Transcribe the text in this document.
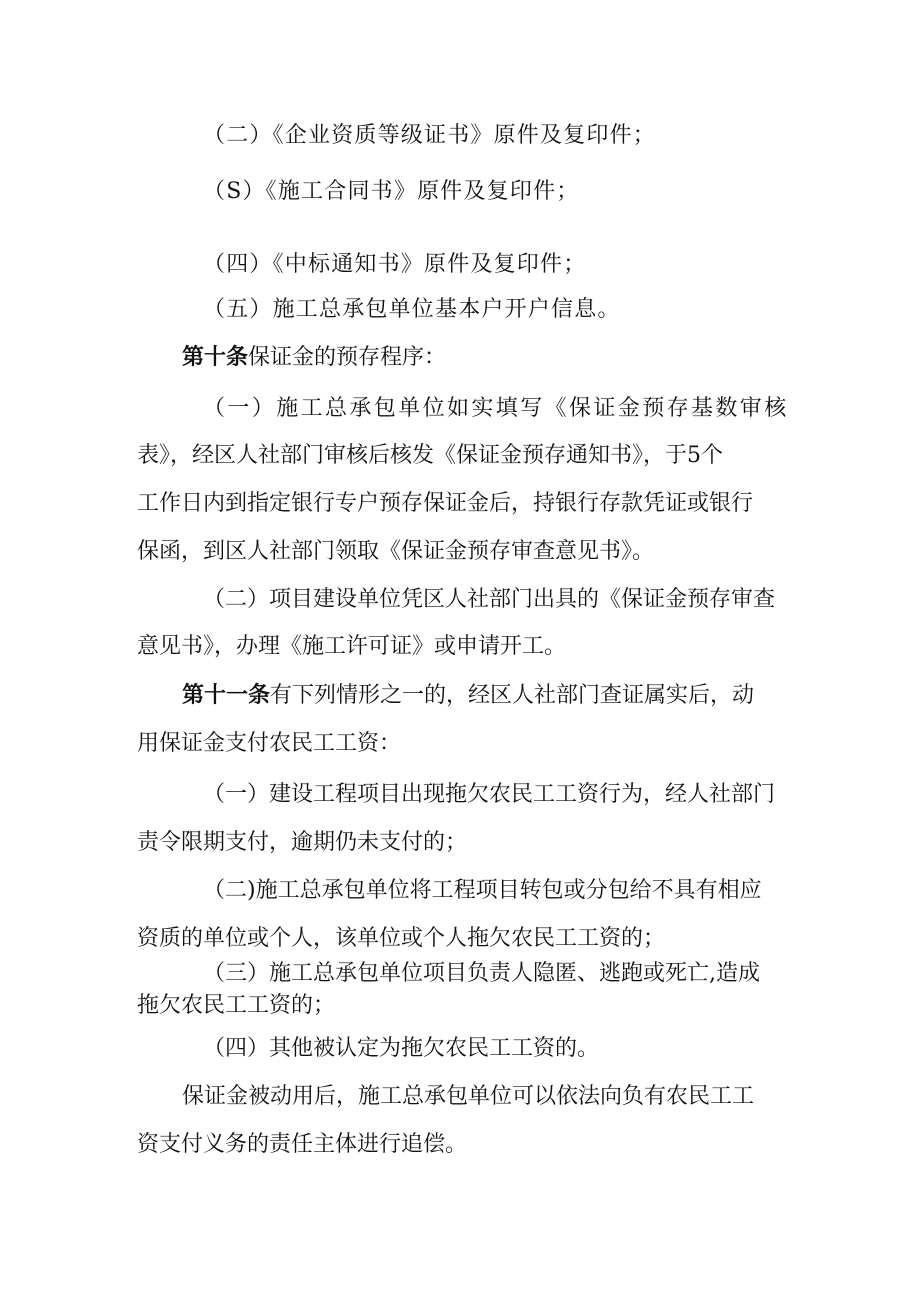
（二）《企业资质等级证书》原件及复印件；
（S）《施工合同书》原件及复印件；
（四）《中标通知书》原件及复印件；
（五）施工总承包单位基本户开户信息。
第十条保证金的预存程序：
（一）施工总承包单位如实填写《保证金预存基数审核
表》，经区人社部门审核后核发《保证金预存通知书》，于5个
工作日内到指定银行专户预存保证金后，持银行存款凭证或银行
保函，到区人社部门领取《保证金预存审查意见书》。
（二）项目建设单位凭区人社部门出具的《保证金预存审查
意见书》，办理《施工许可证》或申请开工。
第十一条有下列情形之一的，经区人社部门查证属实后，动
用保证金支付农民工工资：
（一）建设工程项目出现拖欠农民工工资行为，经人社部门
责令限期支付，逾期仍未支付的；
（二)施工总承包单位将工程项目转包或分包给不具有相应
资质的单位或个人，该单位或个人拖欠农民工工资的；
（三）施工总承包单位项目负责人隐匿、逃跑或死亡,造成
拖欠农民工工资的；
（四）其他被认定为拖欠农民工工资的。
保证金被动用后，施工总承包单位可以依法向负有农民工工
资支付义务的责任主体进行追偿。
